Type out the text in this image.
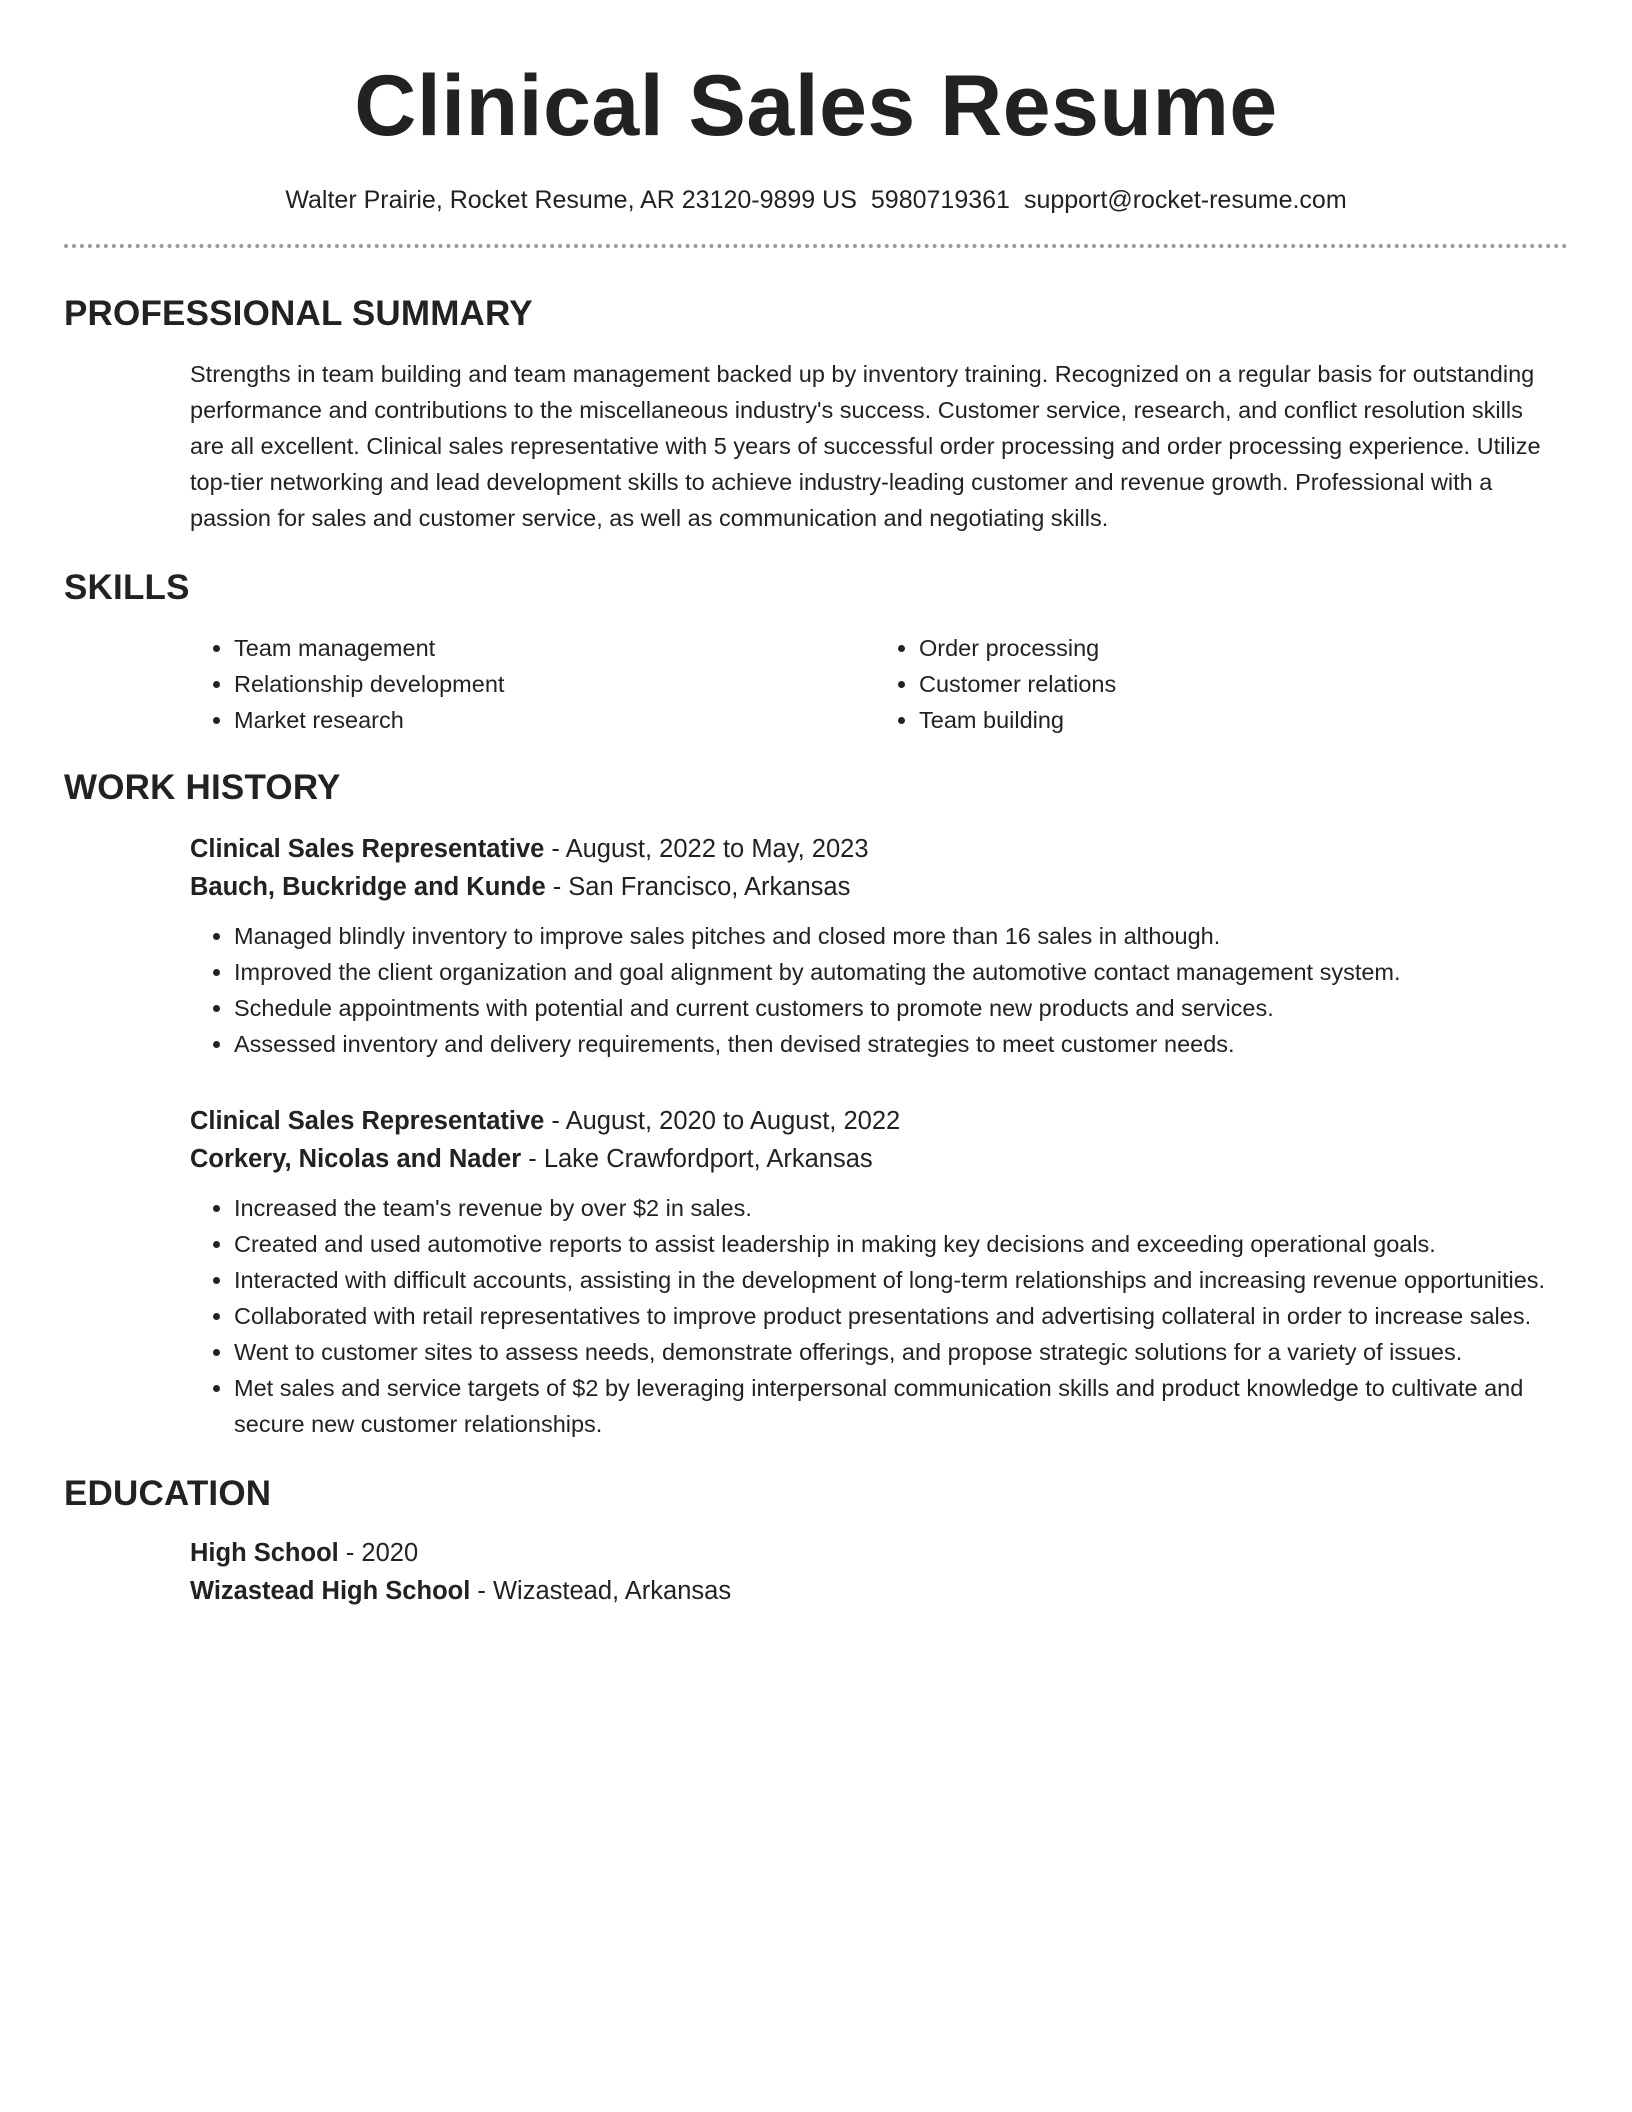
Clinical Sales Resume
Walter Prairie, Rocket Resume, AR 23120-9899 US 5980719361 support@rocket-resume.com
PROFESSIONAL SUMMARY
Strengths in team building and team management backed up by inventory training. Recognized on a regular basis for outstanding performance and contributions to the miscellaneous industry's success. Customer service, research, and conflict resolution skills are all excellent. Clinical sales representative with 5 years of successful order processing and order processing experience. Utilize top-tier networking and lead development skills to achieve industry-leading customer and revenue growth. Professional with a passion for sales and customer service, as well as communication and negotiating skills.
SKILLS
• Team management
• Relationship development
• Market research
• Order processing
• Customer relations
• Team building
WORK HISTORY
Clinical Sales Representative - August, 2022 to May, 2023
Bauch, Buckridge and Kunde - San Francisco, Arkansas
• Managed blindly inventory to improve sales pitches and closed more than 16 sales in although.
• Improved the client organization and goal alignment by automating the automotive contact management system.
• Schedule appointments with potential and current customers to promote new products and services.
• Assessed inventory and delivery requirements, then devised strategies to meet customer needs.
Clinical Sales Representative - August, 2020 to August, 2022
Corkery, Nicolas and Nader - Lake Crawfordport, Arkansas
• Increased the team's revenue by over $2 in sales.
• Created and used automotive reports to assist leadership in making key decisions and exceeding operational goals.
• Interacted with difficult accounts, assisting in the development of long-term relationships and increasing revenue opportunities.
• Collaborated with retail representatives to improve product presentations and advertising collateral in order to increase sales.
• Went to customer sites to assess needs, demonstrate offerings, and propose strategic solutions for a variety of issues.
• Met sales and service targets of $2 by leveraging interpersonal communication skills and product knowledge to cultivate and secure new customer relationships.
EDUCATION
High School - 2020
Wizastead High School - Wizastead, Arkansas
